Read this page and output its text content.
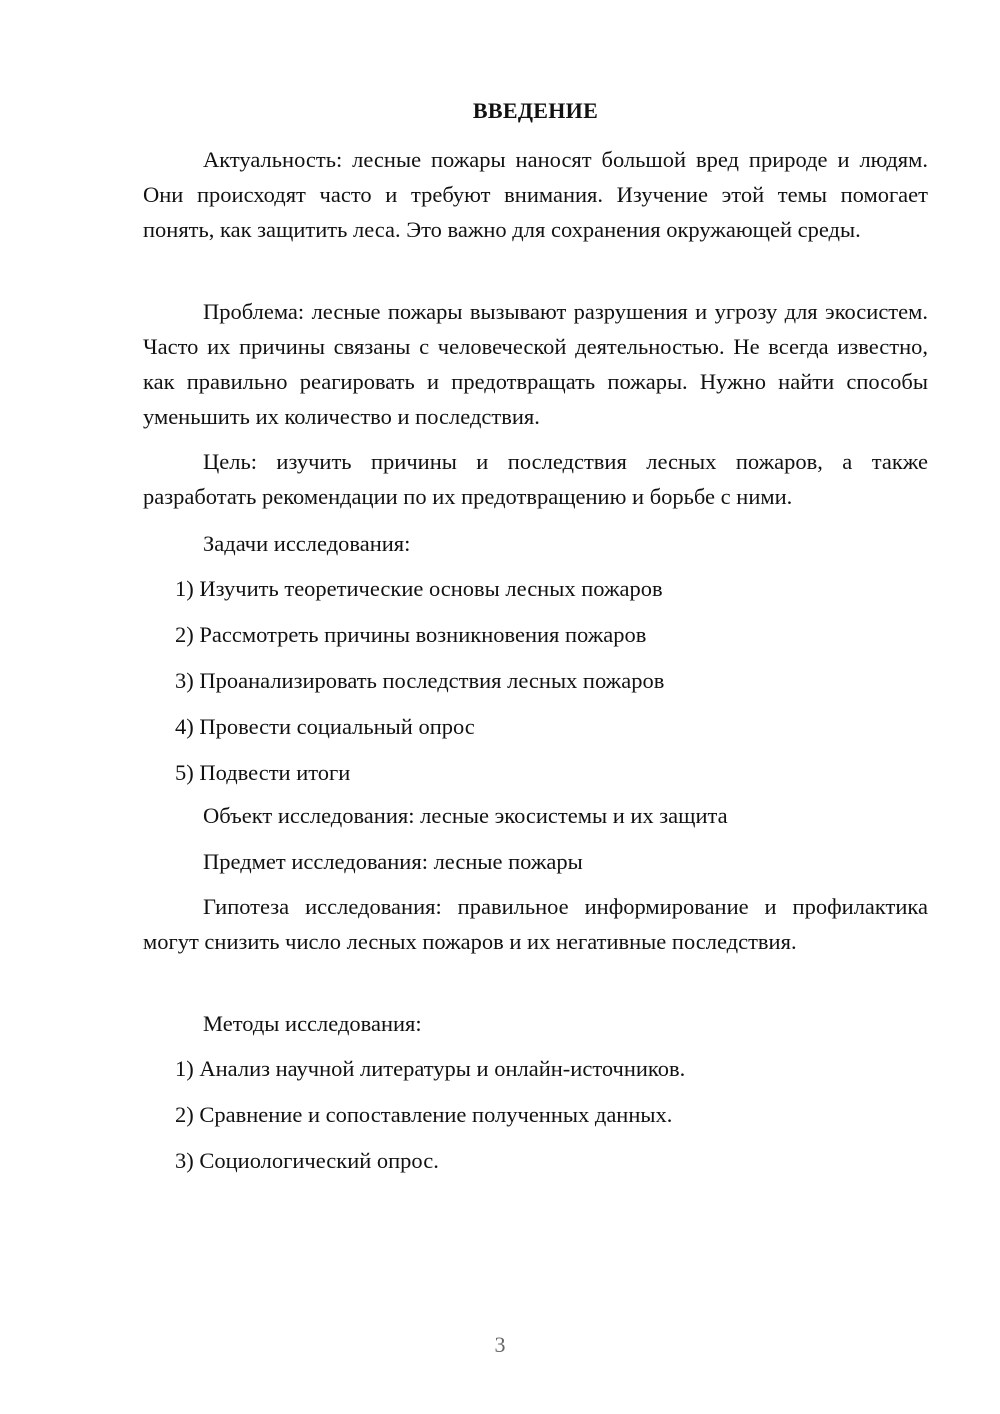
ВВЕДЕНИЕ

Актуальность: лесные пожары наносят большой вред природе и людям. Они происходят часто и требуют внимания. Изучение этой темы помогает понять, как защитить леса. Это важно для сохранения окружающей среды.

Проблема: лесные пожары вызывают разрушения и угрозу для экосистем. Часто их причины связаны с человеческой деятельностью. Не всегда известно, как правильно реагировать и предотвращать пожары. Нужно найти способы уменьшить их количество и последствия.

Цель: изучить причины и последствия лесных пожаров, а также разработать рекомендации по их предотвращению и борьбе с ними.

Задачи исследования:

1) Изучить теоретические основы лесных пожаров

2) Рассмотреть причины возникновения пожаров

3) Проанализировать последствия лесных пожаров

4) Провести социальный опрос

5) Подвести итоги

Объект исследования: лесные экосистемы и их защита

Предмет исследования: лесные пожары

Гипотеза исследования: правильное информирование и профилактика могут снизить число лесных пожаров и их негативные последствия.

Методы исследования:

1) Анализ научной литературы и онлайн-источников.

2) Сравнение и сопоставление полученных данных.

3) Социологический опрос.

3
